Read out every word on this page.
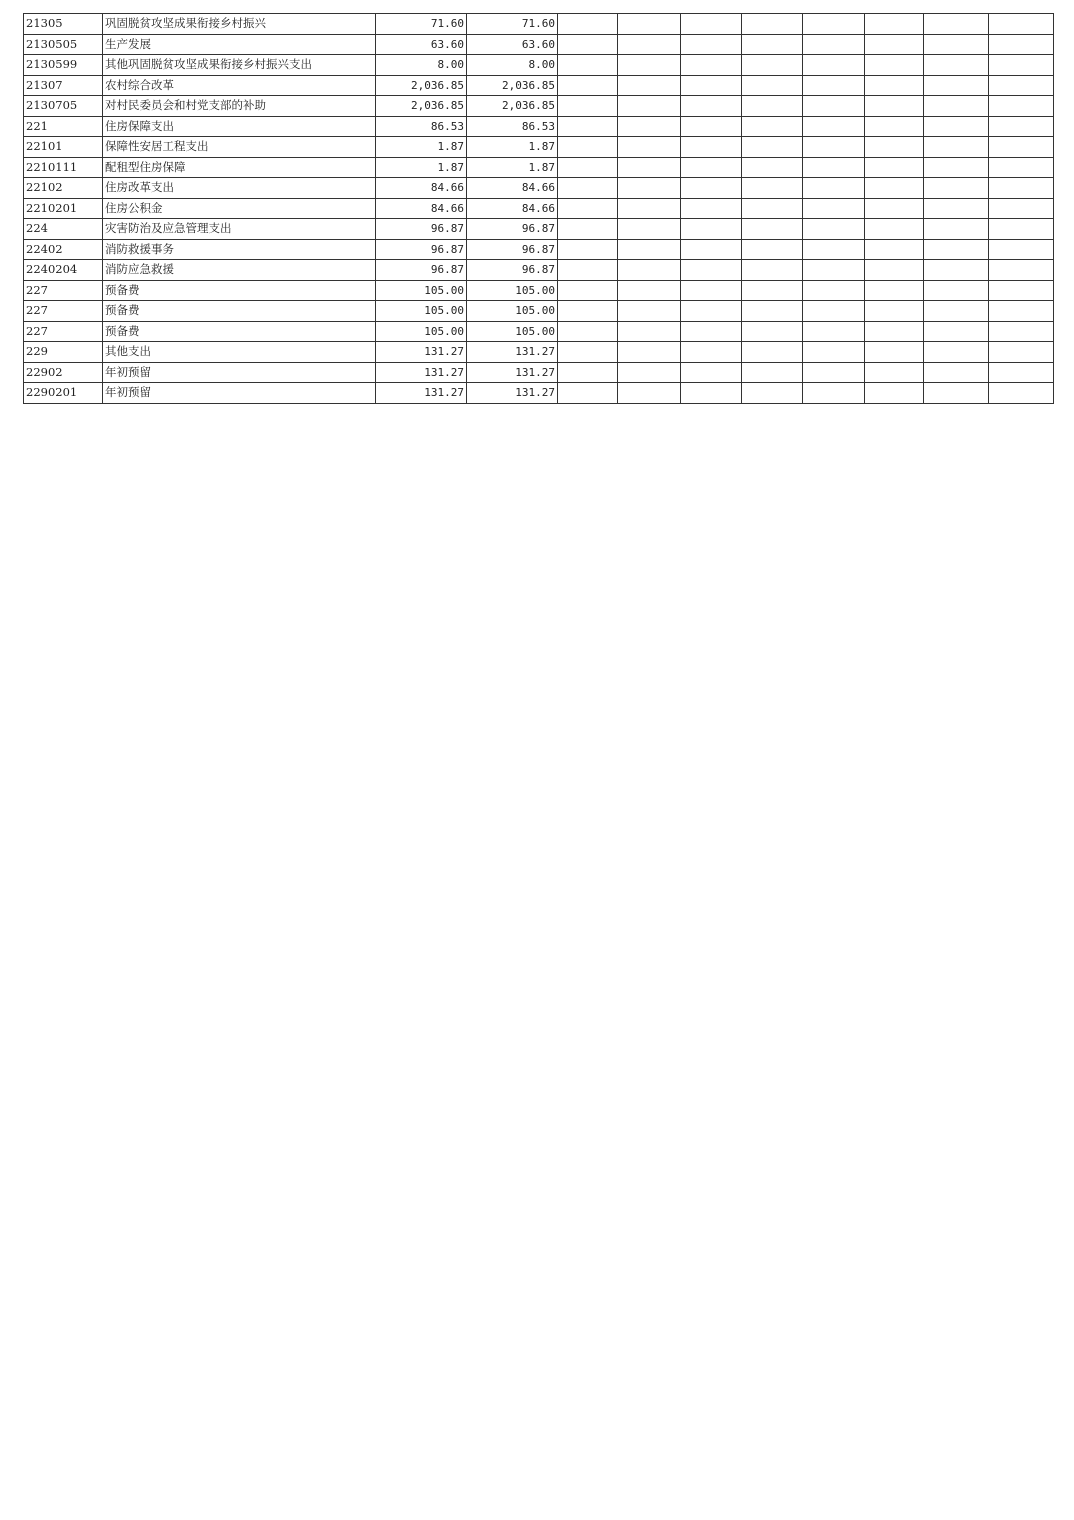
21305	巩固脱贫攻坚成果衔接乡村振兴	71.60	71.60								
2130505	生产发展	63.60	63.60								
2130599	其他巩固脱贫攻坚成果衔接乡村振兴支出	8.00	8.00								
21307	农村综合改革	2,036.85	2,036.85								
2130705	对村民委员会和村党支部的补助	2,036.85	2,036.85								
221	住房保障支出	86.53	86.53								
22101	保障性安居工程支出	1.87	1.87								
2210111	配租型住房保障	1.87	1.87								
22102	住房改革支出	84.66	84.66								
2210201	住房公积金	84.66	84.66								
224	灾害防治及应急管理支出	96.87	96.87								
22402	消防救援事务	96.87	96.87								
2240204	消防应急救援	96.87	96.87								
227	预备费	105.00	105.00								
227	预备费	105.00	105.00								
227	预备费	105.00	105.00								
229	其他支出	131.27	131.27								
22902	年初预留	131.27	131.27								
2290201	年初预留	131.27	131.27								
